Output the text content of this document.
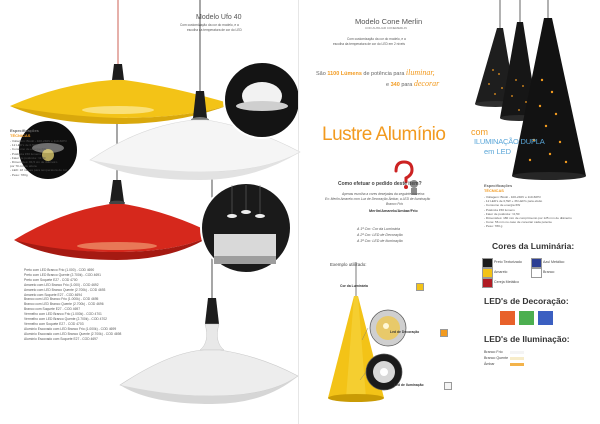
Especificações
TÉCNICAS
- Voltagem: Bivolt - 100-240V e 110-60Hz
- 12 LED's de 0,5W
- Consumo de energia 6W
- Potência 150 lumens
- Fator de potência: >0,50
- Dimensões: 84,5 cm de diâmetro
por 70 cm de altura
- LED: 18 meses para temperatura de cor
- Peso: 780g
Modelo Ufo 40
Com customização da cor do modelo, e a
escolha da temperatura de cor do LED
Preto com LED Branco Frio (1.000) - COD 4690
Preto com LED Branco Quente (2.700k) - COD 4691
Preto com Soquete E27 - COD 4700
Amarelo com LED Branco Frio (1.000) - COD 4692
Amarelo com LED Branco Quente (2.700k) - COD 4693
Amarelo com Soquete E27 - COD 4694
Branco com LED Branco Frio (1.000k) - COD 4695
Branco com LED Branco Quente (2.700k) - COD 4696
Branco com Soquete E27 - COD 4697
Vermelho com LED Branco Frio (1.000k) - COD 4701
Vermelho com LED Branco Quente (2.700k) - COD 4702
Vermelho com Soquete E27 - COD 4703
Alumínio Escovado com LED Branco Frio (1.000k) - COD 4699
Alumínio Escovado com LED Branco Quente (2.700k) - COD 4698
Alumínio Escovado com Soquete E27 - COD 4697
Modelo Cone Merlin
COD AUXILIAR CONEMERLIN
Com customização da cor do modelo, e a
escolha da temperatura de cor do LED em 2 níveis
São 1100 Lúmens de potência para iluminar,
e 340 para decorar
Lustre Alumínio	com
ILUMINAÇÃO DUPLA
em LED
Como efetuar o pedido deste item?
Apenas escolha a cores desejadas da seguinte maneira:
Ex: Merlin Amarelo com Luz de Decoração Âmbar, a LED de iluminação
Branco Frio
Merlin/Amarelo/Ambar/Frio
A 1ª Cor: Cor da Luminária
A 2ª Cor: LED de Decoração
A 3ª Cor: LED de Iluminação
Exemplo utilizado:
Cor da Luminária
Led de Decoração
Led de Iluminação
Especificações
TÉCNICAS
- Voltagem: Bivolt - 100-240V e 110-60Hz
- 12 LED's de 0,5W + 36 LED's para efeito
- Consumo de energia 6W
- Potência 150 lumens
- Fator de potência: >0,50
- Dimensões: 180 mm de comprimento por 125 mm de diâmetro
- Cone: 56 mm no caso de conectar cada potente
- Peso: 780 g
Cores da Luminária:
Preto Texturizado	Azul Metálico
Amarelo	Branco
Cereja Metálico
LED's de Decoração:
LED's de Iluminação:
Branco Frio
Branco Quente
Âmbar
